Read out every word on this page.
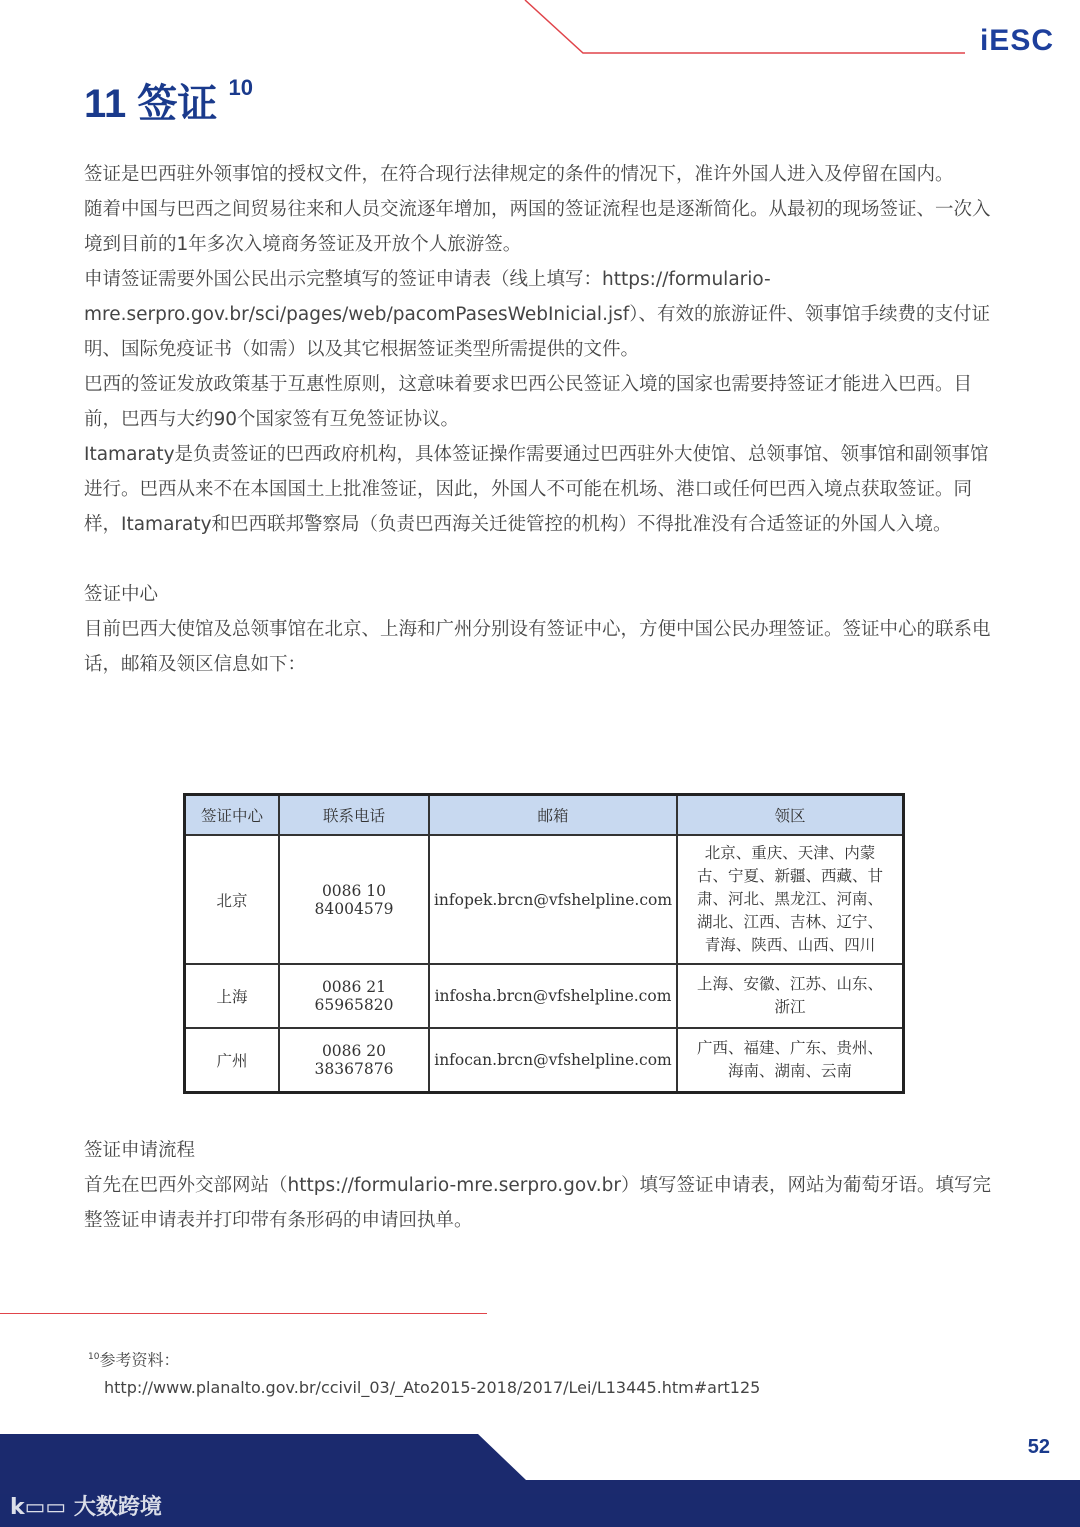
iESC
11 签证 $^{10}$

签证是巴西驻外领事馆的授权文件，在符合现行法律规定的条件的情况下，准许外国人进入及停留在国内。

随着中国与巴西之间贸易往来和人员交流逐年增加，两国的签证流程也是逐渐简化。从最初的现场签证、一次入境到目前的1年多次入境商务签证及开放个人旅游签。

申请签证需要外国公民出示完整填写的签证申请表（线上填写：https://formulario-mre.serpro.gov.br/sci/pages/web/pacomPasesWebInicial.jsf）、有效的旅游证件、领事馆手续费的支付证明、国际免疫证书（如需）以及其它根据签证类型所需提供的文件。

巴西的签证发放政策基于互惠性原则，这意味着要求巴西公民签证入境的国家也需要持签证才能进入巴西。目前，巴西与大约90个国家签有互免签证协议。

Itamaraty是负责签证的巴西政府机构，具体签证操作需要通过巴西驻外大使馆、总领事馆、领事馆和副领事馆进行。巴西从来不在本国国土上批准签证，因此，外国人不可能在机场、港口或任何巴西入境点获取签证。同样，Itamaraty和巴西联邦警察局（负责巴西海关迁徙管控的机构）不得批准没有合适签证的外国人入境。

签证中心

目前巴西大使馆及总领事馆在北京、上海和广州分别设有签证中心，方便中国公民办理签证。签证中心的联系电话，邮箱及领区信息如下：

签证中心	联系电话	邮箱	领区
北京	0086 10 84004579	infopek.brcn@vfshelpline.com	北京、重庆、天津、内蒙
古、宁夏、新疆、西藏、甘
肃、河北、黑龙江、河南、
湖北、江西、吉林、辽宁、
青海、陕西、山西、四川

上海	0086 21 65965820	infosha.brcn@vfshelpline.com	上海、安徽、江苏、山东、
浙江

广州	0086 20 38367876	infocan.brcn@vfshelpline.com	广西、福建、广东、贵州、
海南、湖南、云南

签证申请流程

首先在巴西外交部网站（https://formulario-mre.serpro.gov.br）填写签证申请表，网站为葡萄牙语。填写完整签证申请表并打印带有条形码的申请回执单。

$^{10}$参考资料：
http://www.planalto.gov.br/ccivil_03/_Ato2015-2018/2017/Lei/L13445.htm#art125
52
k▭▭ 大数跨境
